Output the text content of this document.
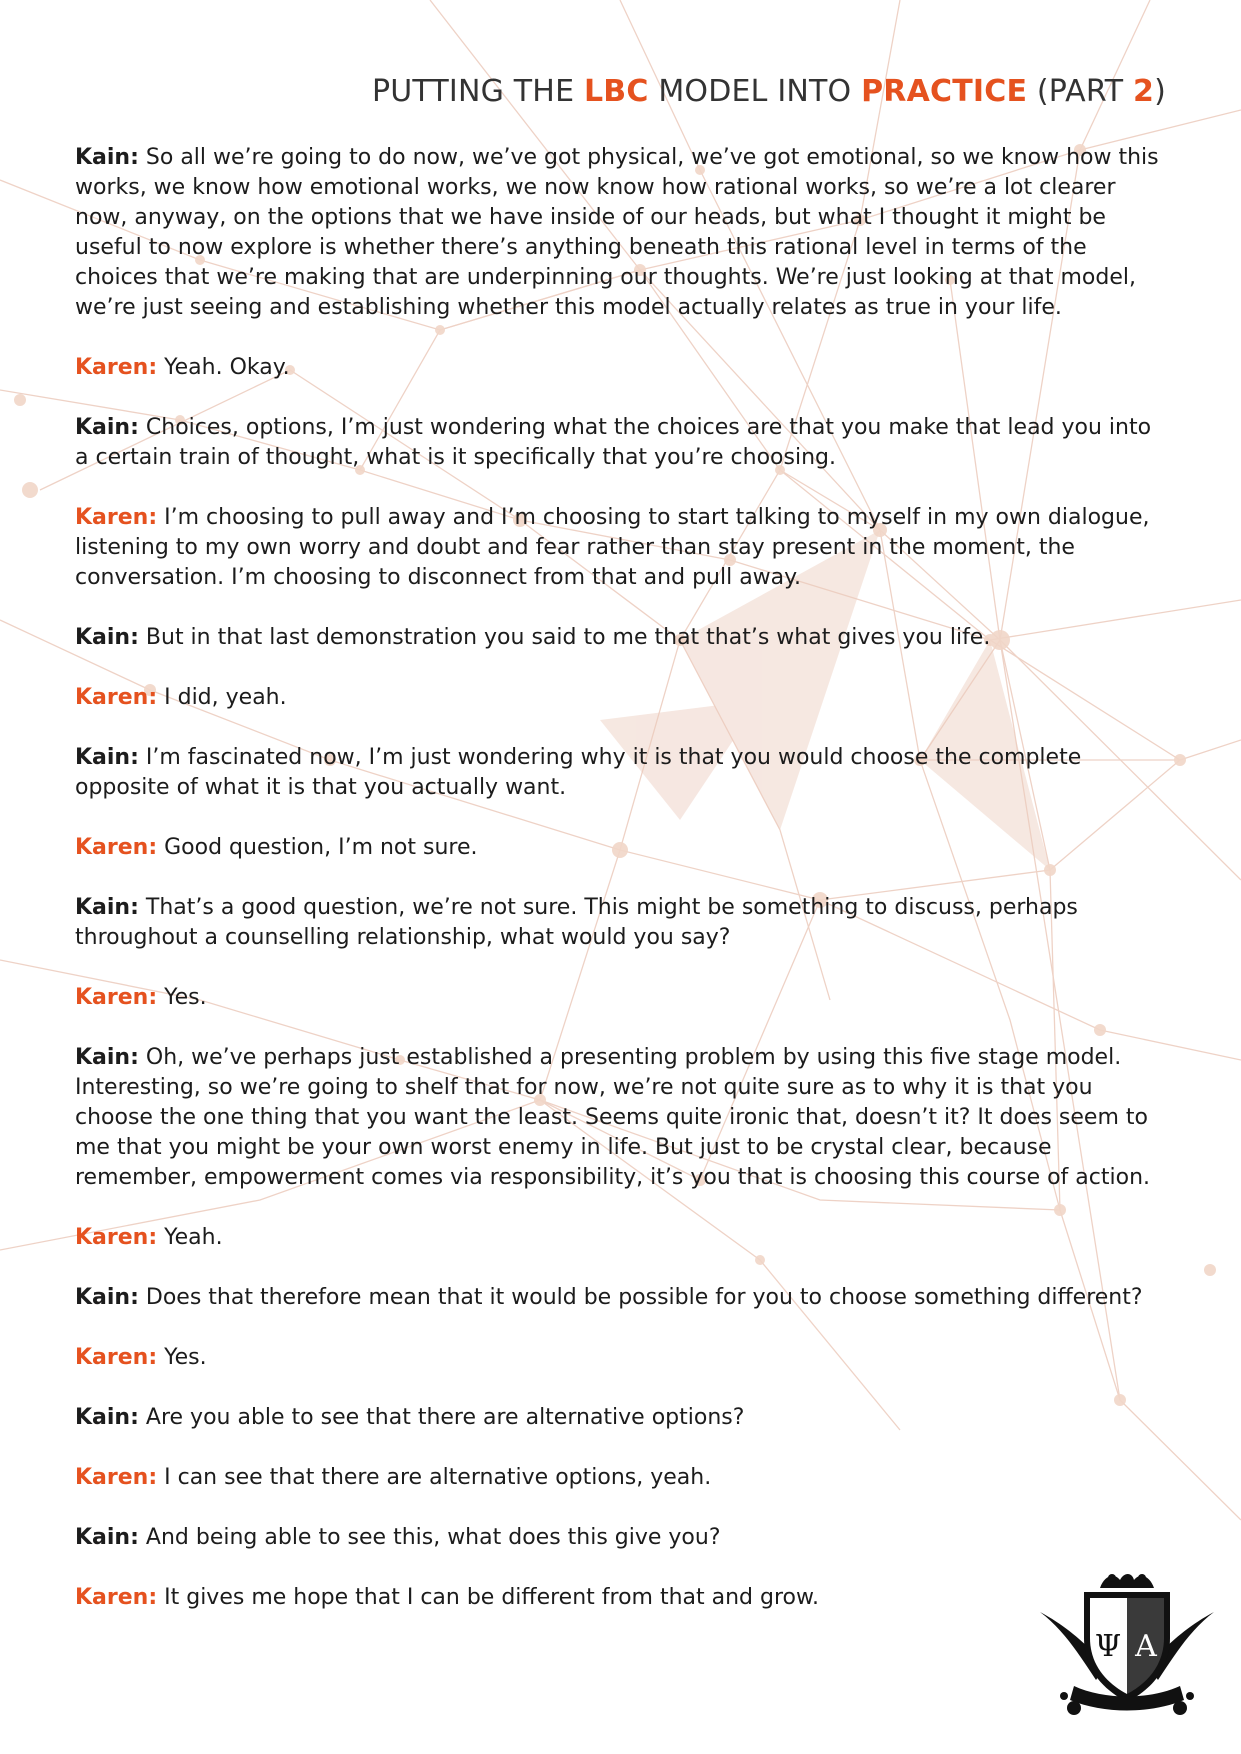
PUTTING THE LBC MODEL INTO PRACTICE (PART 2)

Kain: So all we’re going to do now, we’ve got physical, we’ve got emotional, so we know how this works, we know how emotional works, we now know how rational works, so we’re a lot clearer now, anyway, on the options that we have inside of our heads, but what I thought it might be useful to now explore is whether there’s anything beneath this rational level in terms of the choices that we’re making that are underpinning our thoughts. We’re just looking at that model, we’re just seeing and establishing whether this model actually relates as true in your life.

Karen: Yeah. Okay.

Kain: Choices, options, I’m just wondering what the choices are that you make that lead you into a certain train of thought, what is it specifically that you’re choosing.

Karen: I’m choosing to pull away and I’m choosing to start talking to myself in my own dialogue, listening to my own worry and doubt and fear rather than stay present in the moment, the conversation. I’m choosing to disconnect from that and pull away.

Kain: But in that last demonstration you said to me that that’s what gives you life.

Karen: I did, yeah.

Kain: I’m fascinated now, I’m just wondering why it is that you would choose the complete opposite of what it is that you actually want.

Karen: Good question, I’m not sure.

Kain: That’s a good question, we’re not sure. This might be something to discuss, perhaps throughout a counselling relationship, what would you say?

Karen: Yes.

Kain: Oh, we’ve perhaps just established a presenting problem by using this five stage model. Interesting, so we’re going to shelf that for now, we’re not quite sure as to why it is that you choose the one thing that you want the least. Seems quite ironic that, doesn’t it? It does seem to me that you might be your own worst enemy in life. But just to be crystal clear, because remember, empowerment comes via responsibility, it’s you that is choosing this course of action.

Karen: Yeah.

Kain: Does that therefore mean that it would be possible for you to choose something different?

Karen: Yes.

Kain: Are you able to see that there are alternative options?

Karen: I can see that there are alternative options, yeah.

Kain: And being able to see this, what does this give you?

Karen: It gives me hope that I can be different from that and grow.

Ψ A
